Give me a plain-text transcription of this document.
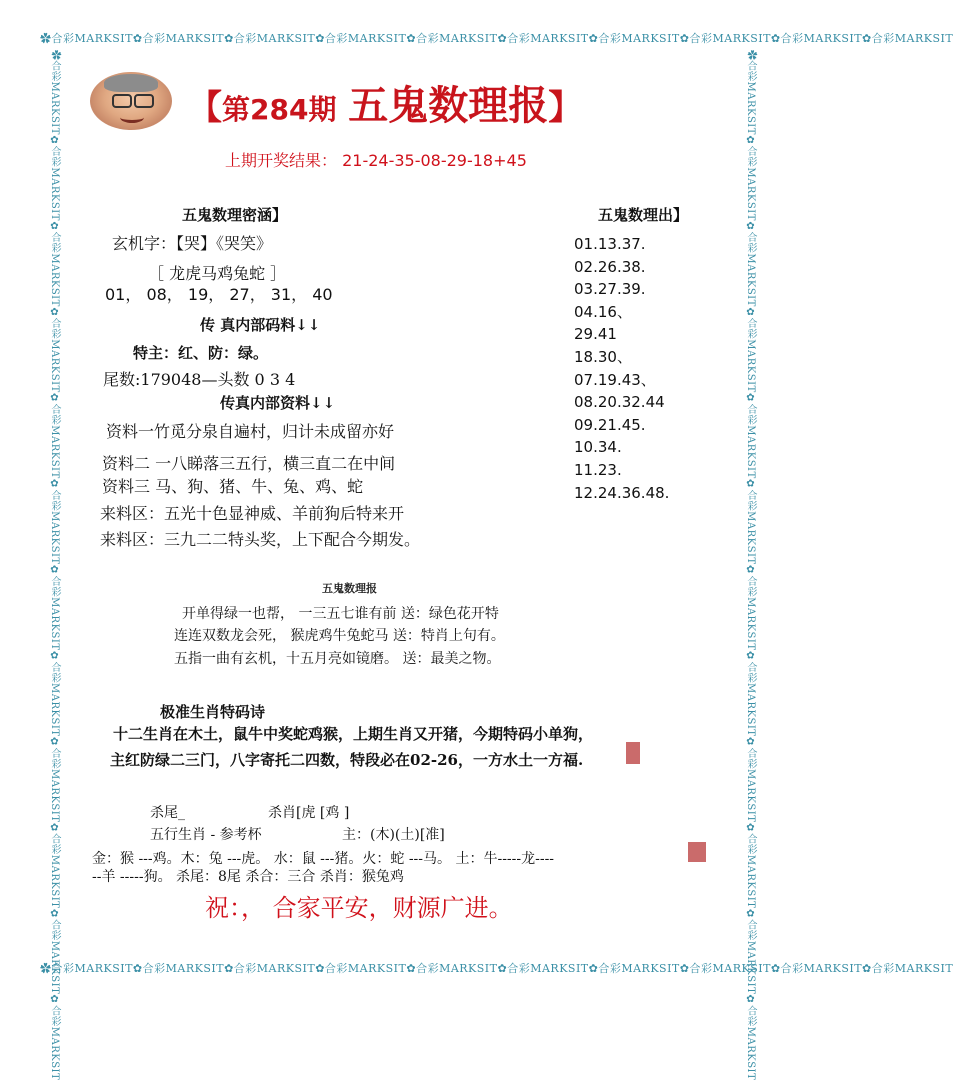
✿合彩MARKSIT✿合彩MARKSIT✿合彩MARKSIT✿合彩MARKSIT✿合彩MARKSIT✿合彩MARKSIT✿合彩MARKSIT✿合彩MARKSIT✿合彩MARKSIT✿合彩MARKSIT
✿合彩MARKSIT✿合彩MARKSIT✿合彩MARKSIT✿合彩MARKSIT✿合彩MARKSIT✿合彩MARKSIT✿合彩MARKSIT✿合彩MARKSIT✿合彩MARKSIT✿合彩MARKSIT
✿合彩MARKSIT✿合彩MARKSIT✿合彩MARKSIT✿合彩MARKSIT✿合彩MARKSIT✿合彩MARKSIT✿合彩MARKSIT✿合彩MARKSIT✿合彩MARKSIT✿合彩MARKSIT✿合彩MARKSIT✿合彩MARKSIT	✿合彩MARKSIT✿合彩MARKSIT✿合彩MARKSIT✿合彩MARKSIT✿合彩MARKSIT✿合彩MARKSIT✿合彩MARKSIT✿合彩MARKSIT✿合彩MARKSIT✿合彩MARKSIT✿合彩MARKSIT✿合彩MARKSIT
【第284期 五鬼数理报】
上期开奖结果： 21-24-35-08-29-18+45
五鬼数理密涵】
玄机字：【哭】《哭笑》
［ 龙虎马鸡兔蛇 ］
01， 08， 19， 27， 31， 40
传 真内部码料↓↓
特主：红、防：绿。
尾数:179048—头数 0 3 4
传真内部资料↓↓
资料一竹觅分泉自遍村，归计未成留亦好
资料二 一八睇落三五行，横三直二在中间
资料三 马、狗、猪、牛、兔、鸡、蛇
来料区：五光十色显神威、羊前狗后特来开
来料区：三九二二特头奖，上下配合今期发。
五鬼数理出】
01.13.37.
02.26.38.
03.27.39.
04.16、
29.41
18.30、
07.19.43、
08.20.32.44
09.21.45.
10.34.
11.23.
12.24.36.48.
五鬼数理报
开单得绿一也帮， 一三五七谁有前 送：绿色花开特
连连双数龙会死， 猴虎鸡牛兔蛇马 送：特肖上句有。
五指一曲有玄机，十五月亮如镜磨。 送：最美之物。
极准生肖特码诗
十二生肖在木土，鼠牛中奖蛇鸡猴，上期生肖又开猪，今期特码小单狗，
主红防绿二三门，八字寄托二四数，特段必在02-26，一方水土一方福.
杀尾_	杀肖[虎 [鸡 ]
五行生肖 - 参考杯	主：(木)(土)[准]
金：猴 ---鸡。木：兔 ---虎。 水：鼠 ---猪。火：蛇 ---马。 土：牛-----龙----
--羊 -----狗。 杀尾：8尾 杀合：三合 杀肖：猴兔鸡
祝：， 合家平安，财源广进。
